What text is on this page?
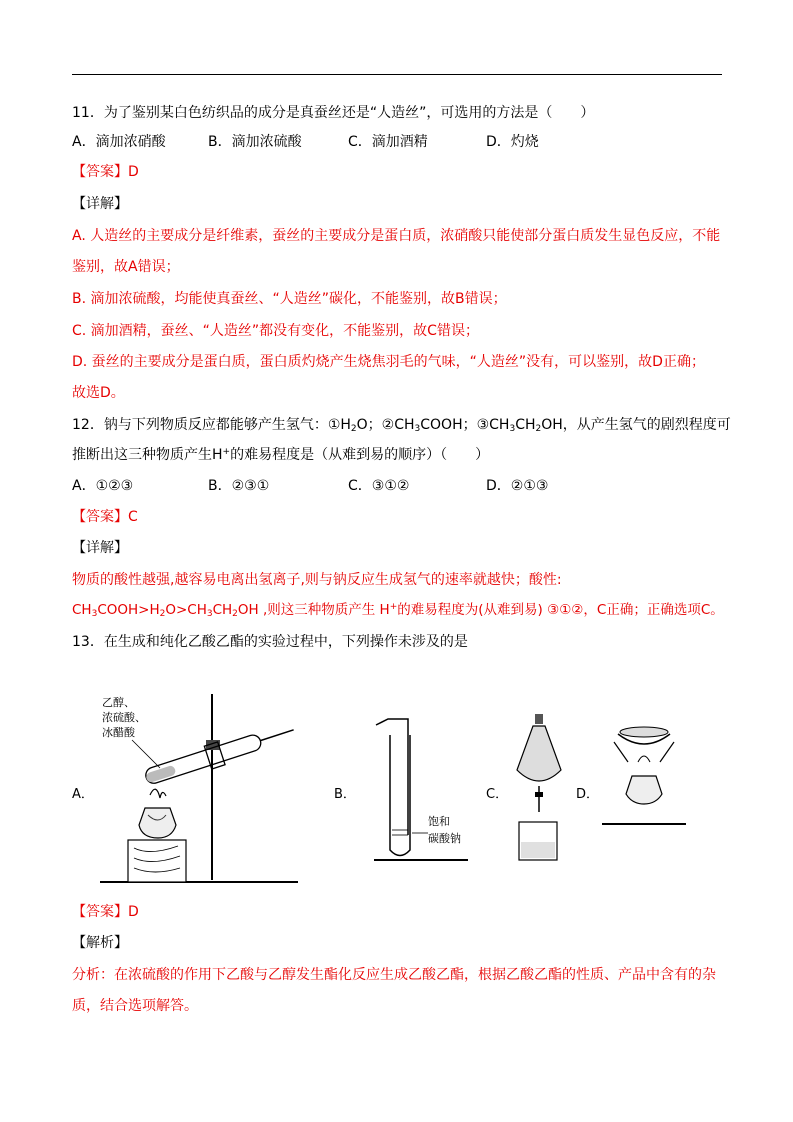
11．为了鉴别某白色纺织品的成分是真蚕丝还是“人造丝”，可选用的方法是（　　）
A．滴加浓硝酸	B．滴加浓硫酸	C．滴加酒精	D．灼烧
【答案】D
【详解】
A. 人造丝的主要成分是纤维素，蚕丝的主要成分是蛋白质，浓硝酸只能使部分蛋白质发生显色反应，不能
鉴别，故A错误；
B. 滴加浓硫酸，均能使真蚕丝、“人造丝”碳化，不能鉴别，故B错误；
C. 滴加酒精，蚕丝、“人造丝”都没有变化，不能鉴别，故C错误；
D. 蚕丝的主要成分是蛋白质，蛋白质灼烧产生烧焦羽毛的气味，“人造丝”没有，可以鉴别，故D正确；
故选D。
12．钠与下列物质反应都能够产生氢气：$①H_2O$；$②CH_3COOH$；$③CH_3CH_2OH$，从产生氢气的剧烈程度可
推断出这三种物质产生H+的难易程度是（从难到易的顺序）（　　）
A．①②③	B．②③①	C．③①②	D．②①③
【答案】C
【详解】
物质的酸性越强,越容易电离出氢离子,则与钠反应生成氢气的速率就越快；酸性:
$CH_3COOH>H_2O>CH_3CH_2OH$ ,则这三种物质产生 H+的难易程度为(从难到易) ③①②，C正确；正确选项C。
13．在生成和纯化乙酸乙酯的实验过程中，下列操作未涉及的是
A．	B．	C．	D．
乙醇、
浓硫酸、
冰醋酸
饱和
碳酸钠
【答案】D
【解析】
分析：在浓硫酸的作用下乙酸与乙醇发生酯化反应生成乙酸乙酯，根据乙酸乙酯的性质、产品中含有的杂
质，结合选项解答。
